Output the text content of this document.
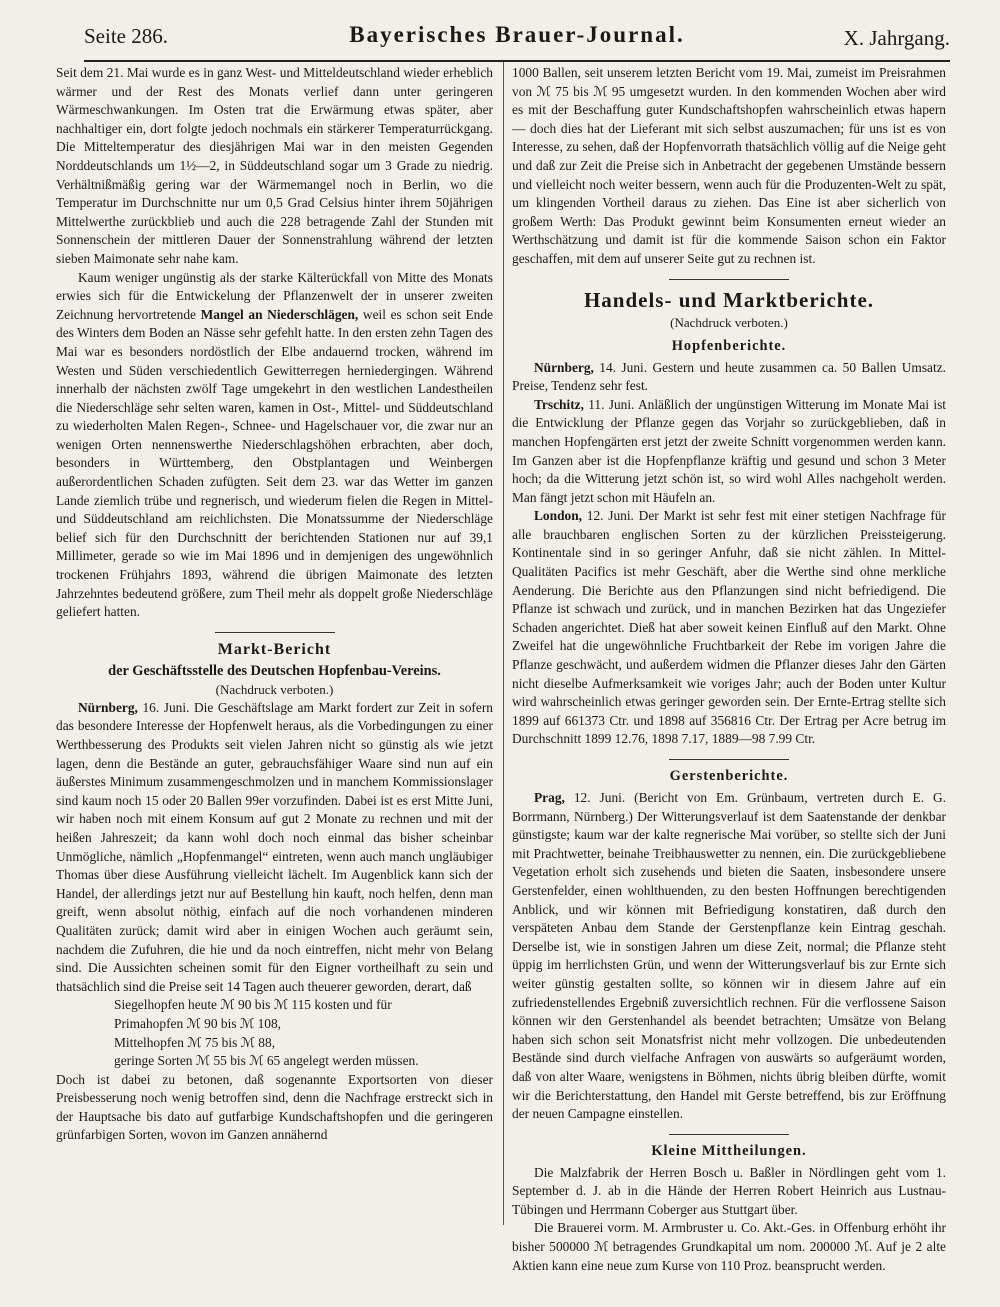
Seite 286.	Bayerisches Brauer-Journal.	X. Jahrgang.

Seit dem 21. Mai wurde es in ganz West- und Mitteldeutschland wieder erheblich wärmer und der Rest des Monats verlief dann unter geringeren Wärmeschwankungen. Im Osten trat die Erwärmung etwas später, aber nachhaltiger ein, dort folgte jedoch nochmals ein stärkerer Temperaturrückgang. Die Mitteltemperatur des diesjährigen Mai war in den meisten Gegenden Norddeutschlands um 1½—2, in Süddeutschland sogar um 3 Grade zu niedrig. Verhältnißmäßig gering war der Wärmemangel noch in Berlin, wo die Temperatur im Durchschnitte nur um 0,5 Grad Celsius hinter ihrem 50jährigen Mittelwerthe zurückblieb und auch die 228 betragende Zahl der Stunden mit Sonnenschein der mittleren Dauer der Sonnenstrahlung während der letzten sieben Maimonate sehr nahe kam.

Kaum weniger ungünstig als der starke Kälterückfall von Mitte des Monats erwies sich für die Entwickelung der Pflanzenwelt der in unserer zweiten Zeichnung hervortretende Mangel an Niederschlägen, weil es schon seit Ende des Winters dem Boden an Nässe sehr gefehlt hatte. In den ersten zehn Tagen des Mai war es besonders nordöstlich der Elbe andauernd trocken, während im Westen und Süden verschiedentlich Gewitterregen herniedergingen. Während innerhalb der nächsten zwölf Tage umgekehrt in den westlichen Landestheilen die Niederschläge sehr selten waren, kamen in Ost-, Mittel- und Süddeutschland zu wiederholten Malen Regen-, Schnee- und Hagelschauer vor, die zwar nur an wenigen Orten nennenswerthe Niederschlagshöhen erbrachten, aber doch, besonders in Württemberg, den Obstplantagen und Weinbergen außerordentlichen Schaden zufügten. Seit dem 23. war das Wetter im ganzen Lande ziemlich trübe und regnerisch, und wiederum fielen die Regen in Mittel- und Süddeutschland am reichlichsten. Die Monatssumme der Niederschläge belief sich für den Durchschnitt der berichtenden Stationen nur auf 39,1 Millimeter, gerade so wie im Mai 1896 und in demjenigen des ungewöhnlich trockenen Frühjahrs 1893, während die übrigen Maimonate des letzten Jahrzehntes bedeutend größere, zum Theil mehr als doppelt große Niederschläge geliefert hatten.

Markt-Bericht
der Geschäftsstelle des Deutschen Hopfenbau-Vereins.
(Nachdruck verboten.)

Nürnberg, 16. Juni. Die Geschäftslage am Markt fordert zur Zeit in sofern das besondere Interesse der Hopfenwelt heraus, als die Vorbedingungen zu einer Werthbesserung des Produkts seit vielen Jahren nicht so günstig als wie jetzt lagen, denn die Bestände an guter, gebrauchsfähiger Waare sind nun auf ein äußerstes Minimum zusammengeschmolzen und in manchem Kommissionslager sind kaum noch 15 oder 20 Ballen 99er vorzufinden. Dabei ist es erst Mitte Juni, wir haben noch mit einem Konsum auf gut 2 Monate zu rechnen und mit der heißen Jahreszeit; da kann wohl doch noch einmal das bisher scheinbar Unmögliche, nämlich „Hopfenmangel“ eintreten, wenn auch manch ungläubiger Thomas über diese Ausführung vielleicht lächelt. Im Augenblick kann sich der Handel, der allerdings jetzt nur auf Bestellung hin kauft, noch helfen, denn man greift, wenn absolut nöthig, einfach auf die noch vorhandenen minderen Qualitäten zurück; damit wird aber in einigen Wochen auch geräumt sein, nachdem die Zufuhren, die hie und da noch eintreffen, nicht mehr von Belang sind. Die Aussichten scheinen somit für den Eigner vortheilhaft zu sein und thatsächlich sind die Preise seit 14 Tagen auch theuerer geworden, derart, daß

Siegelhopfen heute ℳ 90 bis ℳ 115 kosten und für

Primahopfen ℳ 90 bis ℳ 108,

Mittelhopfen ℳ 75 bis ℳ 88,

geringe Sorten ℳ 55 bis ℳ 65 angelegt werden müssen.

Doch ist dabei zu betonen, daß sogenannte Exportsorten von dieser Preisbesserung noch wenig betroffen sind, denn die Nachfrage erstreckt sich in der Hauptsache bis dato auf gutfarbige Kundschaftshopfen und die geringeren grünfarbigen Sorten, wovon im Ganzen annähernd

1000 Ballen, seit unserem letzten Bericht vom 19. Mai, zumeist im Preisrahmen von ℳ 75 bis ℳ 95 umgesetzt wurden. In den kommenden Wochen aber wird es mit der Beschaffung guter Kundschaftshopfen wahrscheinlich etwas hapern — doch dies hat der Lieferant mit sich selbst auszumachen; für uns ist es von Interesse, zu sehen, daß der Hopfenvorrath thatsächlich völlig auf die Neige geht und daß zur Zeit die Preise sich in Anbetracht der gegebenen Umstände bessern und vielleicht noch weiter bessern, wenn auch für die Produzenten-Welt zu spät, um klingenden Vortheil daraus zu ziehen. Das Eine ist aber sicherlich von großem Werth: Das Produkt gewinnt beim Konsumenten erneut wieder an Werthschätzung und damit ist für die kommende Saison schon ein Faktor geschaffen, mit dem auf unserer Seite gut zu rechnen ist.

Handels- und Marktberichte.
(Nachdruck verboten.)
Hopfenberichte.

Nürnberg, 14. Juni. Gestern und heute zusammen ca. 50 Ballen Umsatz. Preise, Tendenz sehr fest.

Trschitz, 11. Juni. Anläßlich der ungünstigen Witterung im Monate Mai ist die Entwicklung der Pflanze gegen das Vorjahr so zurückgeblieben, daß in manchen Hopfengärten erst jetzt der zweite Schnitt vorgenommen werden kann. Im Ganzen aber ist die Hopfenpflanze kräftig und gesund und schon 3 Meter hoch; da die Witterung jetzt schön ist, so wird wohl Alles nachgeholt werden. Man fängt jetzt schon mit Häufeln an.

London, 12. Juni. Der Markt ist sehr fest mit einer stetigen Nachfrage für alle brauchbaren englischen Sorten zu der kürzlichen Preissteigerung. Kontinentale sind in so geringer Anfuhr, daß sie nicht zählen. In Mittel-Qualitäten Pacifics ist mehr Geschäft, aber die Werthe sind ohne merkliche Aenderung. Die Berichte aus den Pflanzungen sind nicht befriedigend. Die Pflanze ist schwach und zurück, und in manchen Bezirken hat das Ungeziefer Schaden angerichtet. Dieß hat aber soweit keinen Einfluß auf den Markt. Ohne Zweifel hat die ungewöhnliche Fruchtbarkeit der Rebe im vorigen Jahre die Pflanze geschwächt, und außerdem widmen die Pflanzer dieses Jahr den Gärten nicht dieselbe Aufmerksamkeit wie voriges Jahr; auch der Boden unter Kultur wird wahrscheinlich etwas geringer geworden sein. Der Ernte-Ertrag stellte sich 1899 auf 661373 Ctr. und 1898 auf 356816 Ctr. Der Ertrag per Acre betrug im Durchschnitt 1899 12.76, 1898 7.17, 1889—98 7.99 Ctr.

Gerstenberichte.

Prag, 12. Juni. (Bericht von Em. Grünbaum, vertreten durch E. G. Borrmann, Nürnberg.) Der Witterungsverlauf ist dem Saatenstande der denkbar günstigste; kaum war der kalte regnerische Mai vorüber, so stellte sich der Juni mit Prachtwetter, beinahe Treibhauswetter zu nennen, ein. Die zurückgebliebene Vegetation erholt sich zusehends und bieten die Saaten, insbesondere unsere Gerstenfelder, einen wohlthuenden, zu den besten Hoffnungen berechtigenden Anblick, und wir können mit Befriedigung konstatiren, daß durch den verspäteten Anbau dem Stande der Gerstenpflanze kein Eintrag geschah. Derselbe ist, wie in sonstigen Jahren um diese Zeit, normal; die Pflanze steht üppig im herrlichsten Grün, und wenn der Witterungsverlauf bis zur Ernte sich weiter günstig gestalten sollte, so können wir in diesem Jahre auf ein zufriedenstellendes Ergebniß zuversichtlich rechnen. Für die verflossene Saison können wir den Gerstenhandel als beendet betrachten; Umsätze von Belang haben sich schon seit Monatsfrist nicht mehr vollzogen. Die unbedeutenden Bestände sind durch vielfache Anfragen von auswärts so aufgeräumt worden, daß von alter Waare, wenigstens in Böhmen, nichts übrig bleiben dürfte, womit wir die Berichterstattung, den Handel mit Gerste betreffend, bis zur Eröffnung der neuen Campagne einstellen.

Kleine Mittheilungen.

Die Malzfabrik der Herren Bosch u. Baßler in Nördlingen geht vom 1. September d. J. ab in die Hände der Herren Robert Heinrich aus Lustnau-Tübingen und Herrmann Coberger aus Stuttgart über.

Die Brauerei vorm. M. Armbruster u. Co. Akt.-Ges. in Offenburg erhöht ihr bisher 500000 ℳ betragendes Grundkapital um nom. 200000 ℳ. Auf je 2 alte Aktien kann eine neue zum Kurse von 110 Proz. beansprucht werden.
